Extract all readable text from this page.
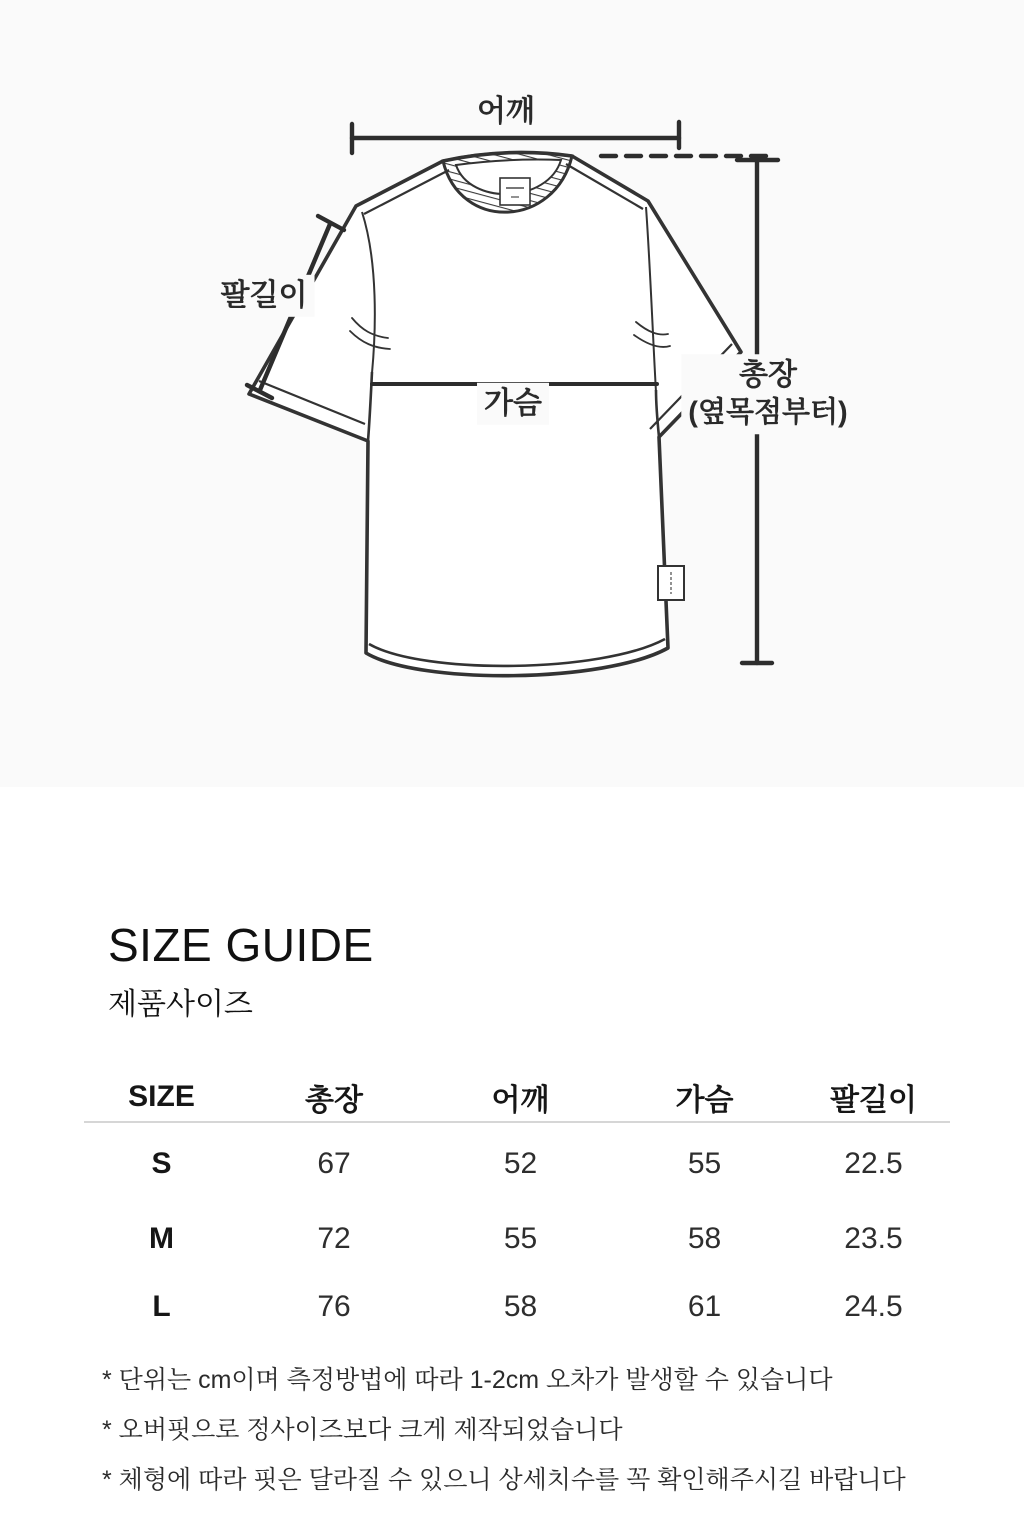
어깨
팔길이
가슴
총장
(옆목점부터)
SIZE GUIDE
제품사이즈
SIZE	총장	어깨	가슴	팔길이
S	67	52	55	22.5
M	72	55	58	23.5
L	76	58	61	24.5
* 단위는 cm이며 측정방법에 따라 1-2cm 오차가 발생할 수 있습니다
* 오버핏으로 정사이즈보다 크게 제작되었습니다
* 체형에 따라 핏은 달라질 수 있으니 상세치수를 꼭 확인해주시길 바랍니다
